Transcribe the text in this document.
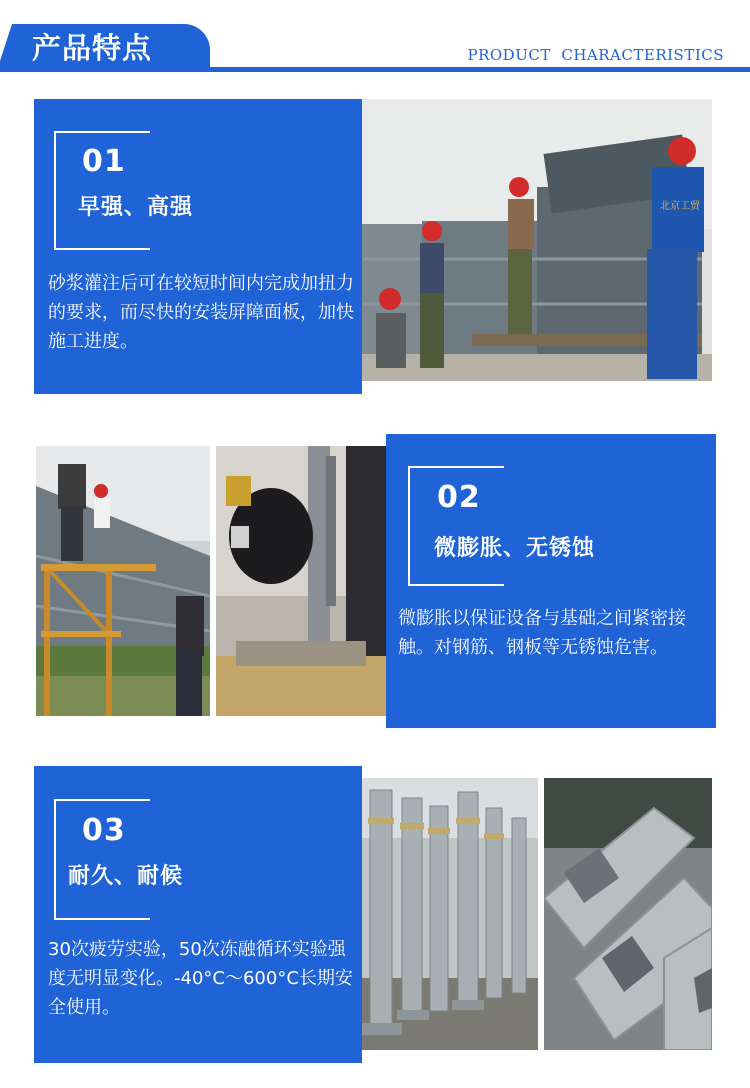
产品特点	PRODUCT  CHARACTERISTICS
01
早强、高强
砂浆灌注后可在较短时间内完成加扭力的要求，而尽快的安装屏障面板，加快施工进度。
北京工贸
02
微膨胀、无锈蚀
微膨胀以保证设备与基础之间紧密接触。对钢筋、钢板等无锈蚀危害。
03
耐久、耐候
30次疲劳实验，50次冻融循环实验强度无明显变化。-40°C～600°C长期安全使用。
